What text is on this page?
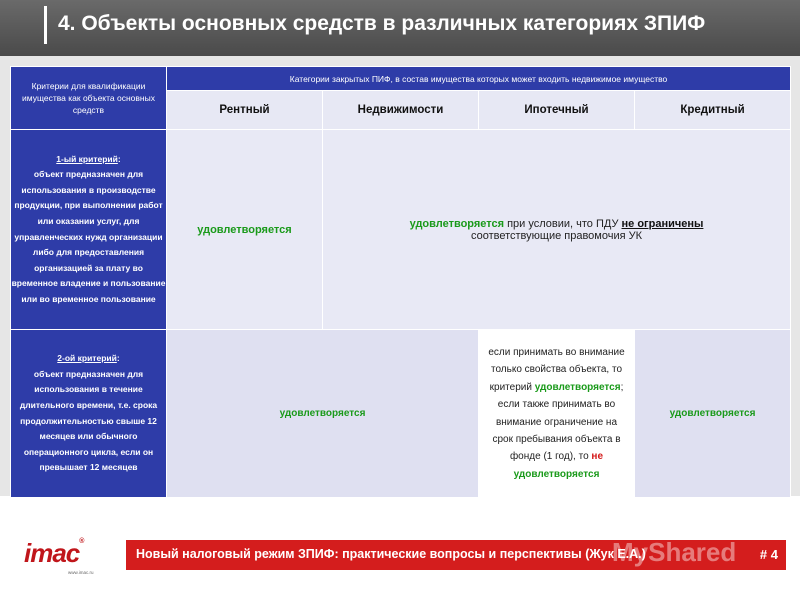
4. Объекты основных средств в различных категориях ЗПИФ
Критерии для квалификации имущества как объекта основных средств	Категории закрытых ПИФ, в состав имущества которых может входить недвижимое имущество			
	Рентный	Недвижимости	Ипотечный	Кредитный
1-ый критерий:
объект предназначен для использования в производстве продукции, при выполнении работ или оказании услуг, для управленческих нужд организации либо для предоставления организацией за плату во временное владение и пользование или во временное пользование	удовлетворяется	удовлетворяется при условии, что ПДУ не ограничены
соответствующие правомочия УК		
2-ой критерий:
объект предназначен для использования в течение длительного времени, т.е. срока продолжительностью свыше 12 месяцев или обычного операционного цикла, если он превышает 12 месяцев	удовлетворяется		если принимать во внимание только свойства объекта, то критерий удовлетворяется; если также принимать во внимание ограничение на срок пребывания объекта в фонде (1 год), то не удовлетворяется	удовлетворяется
imac®
www.imac.ru
Новый налоговый режим ЗПИФ: практические вопросы и перспективы (Жук Е.А.)	# 4
MyShared
